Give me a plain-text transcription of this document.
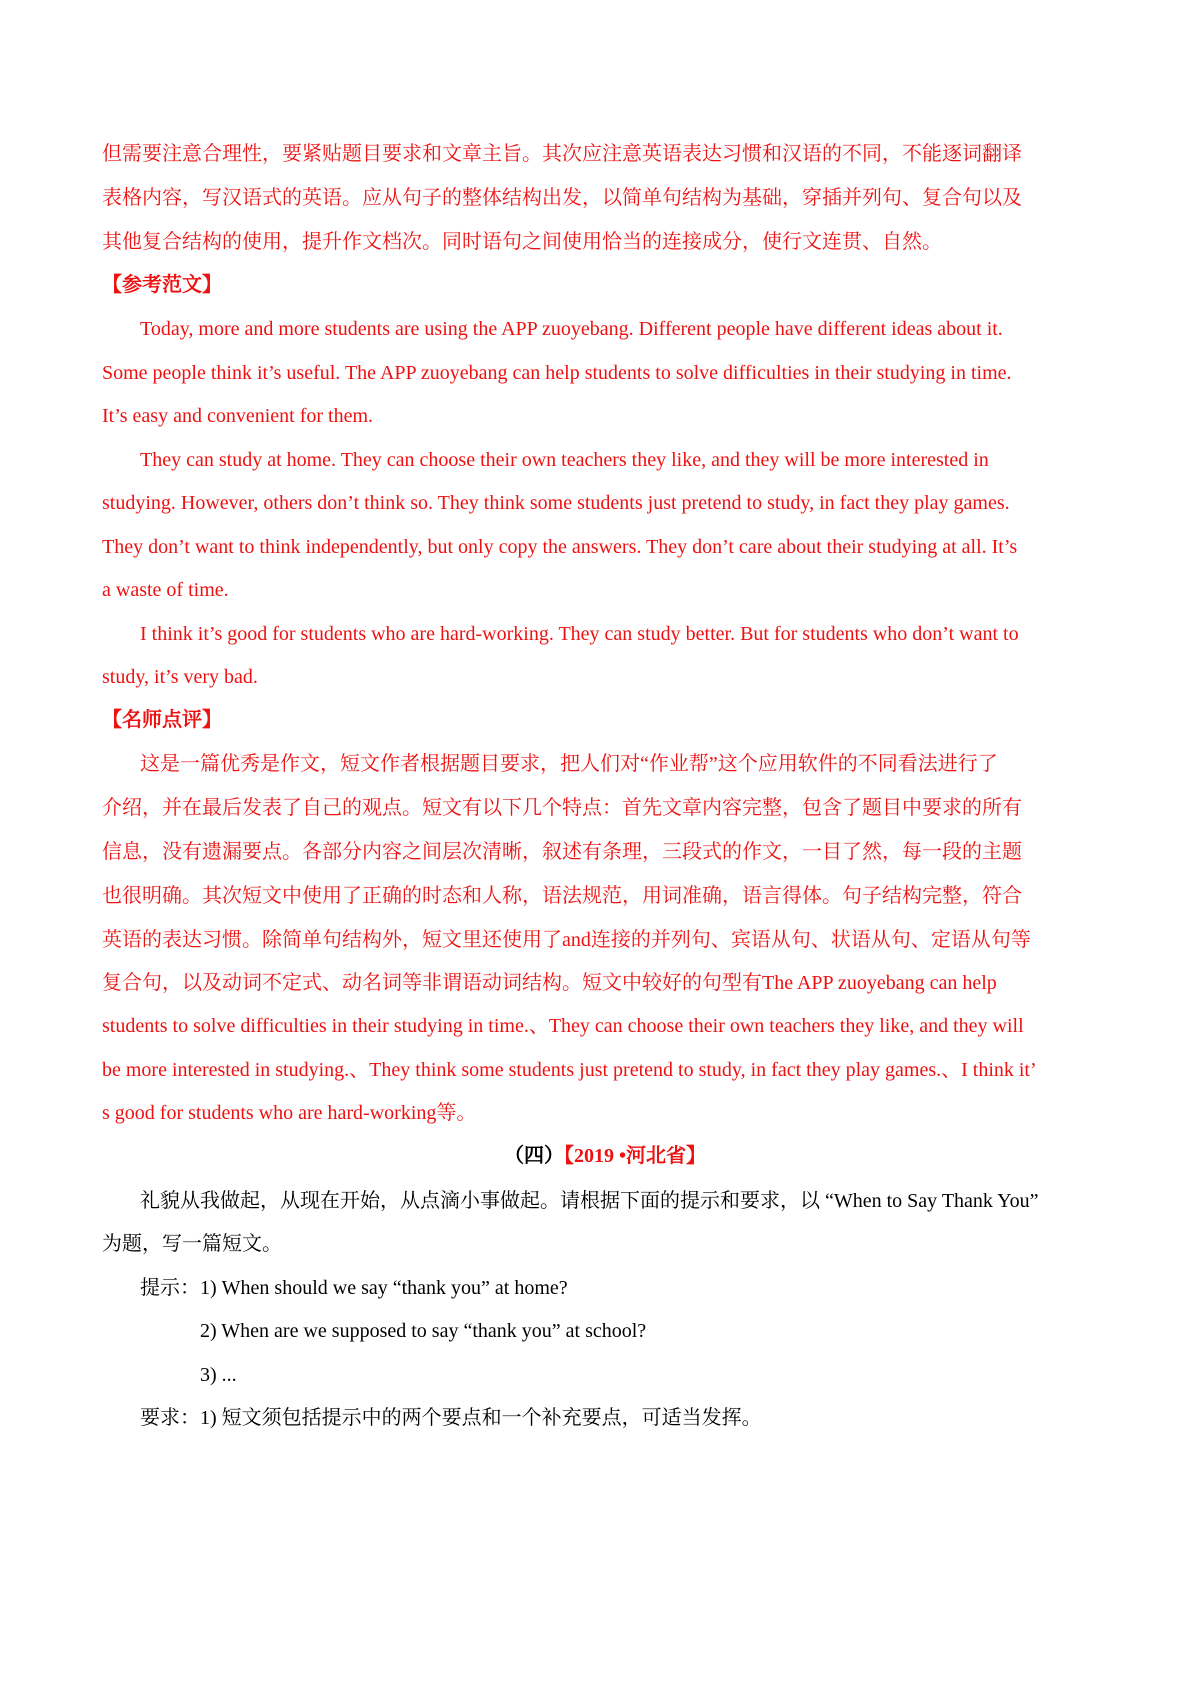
但需要注意合理性，要紧贴题目要求和文章主旨。其次应注意英语表达习惯和汉语的不同，不能逐词翻译
表格内容，写汉语式的英语。应从句子的整体结构出发，以简单句结构为基础，穿插并列句、复合句以及
其他复合结构的使用，提升作文档次。同时语句之间使用恰当的连接成分，使行文连贯、自然。
【参考范文】
Today, more and more students are using the APP zuoyebang. Different people have different ideas about it.
Some people think it’s useful. The APP zuoyebang can help students to solve difficulties in their studying in time.
It’s easy and convenient for them.
They can study at home. They can choose their own teachers they like, and they will be more interested in
studying. However, others don’t think so. They think some students just pretend to study, in fact they play games.
They don’t want to think independently, but only copy the answers. They don’t care about their studying at all. It’s
a waste of time.
I think it’s good for students who are hard-working. They can study better. But for students who don’t want to
study, it’s very bad.
【名师点评】
这是一篇优秀是作文，短文作者根据题目要求，把人们对“作业帮”这个应用软件的不同看法进行了
介绍，并在最后发表了自己的观点。短文有以下几个特点：首先文章内容完整，包含了题目中要求的所有
信息，没有遗漏要点。各部分内容之间层次清晰，叙述有条理，三段式的作文，一目了然，每一段的主题
也很明确。其次短文中使用了正确的时态和人称，语法规范，用词准确，语言得体。句子结构完整，符合
英语的表达习惯。除简单句结构外，短文里还使用了and连接的并列句、宾语从句、状语从句、定语从句等
复合句，以及动词不定式、动名词等非谓语动词结构。短文中较好的句型有The APP zuoyebang can help
students to solve difficulties in their studying in time.、They can choose their own teachers they like, and they will
be more interested in studying.、They think some students just pretend to study, in fact they play games.、I think it’
s good for students who are hard-working等。
（四）【2019 •河北省】
礼貌从我做起，从现在开始，从点滴小事做起。请根据下面的提示和要求，以 “When to Say Thank You”
为题，写一篇短文。
提示：1) When should we say “thank you” at home?
2) When are we supposed to say “thank you” at school?
3) ...
要求：1) 短文须包括提示中的两个要点和一个补充要点，可适当发挥。
